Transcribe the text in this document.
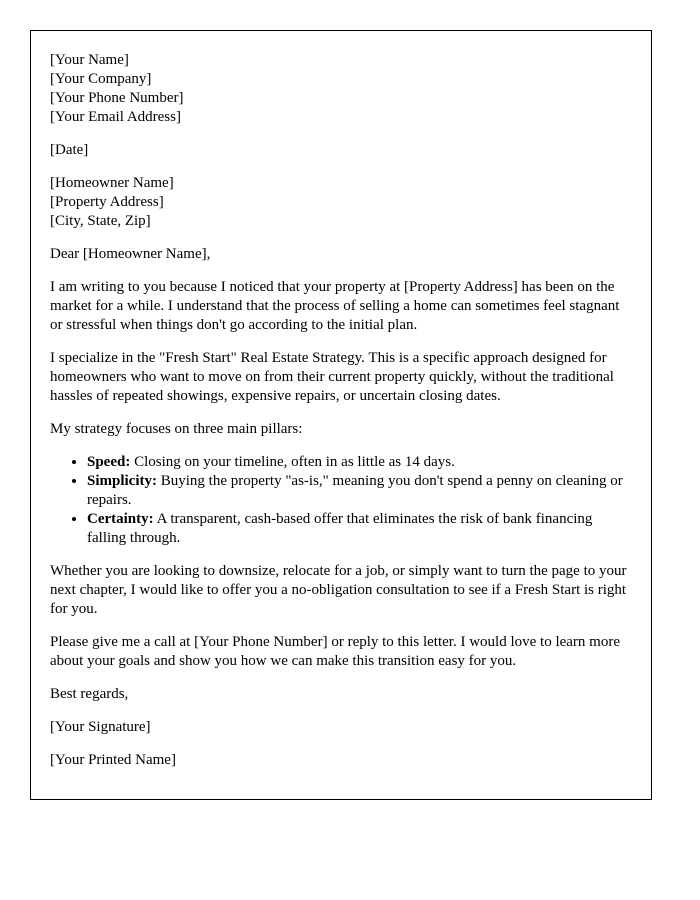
[Your Name]
[Your Company]
[Your Phone Number]
[Your Email Address]
[Date]
[Homeowner Name]
[Property Address]
[City, State, Zip]

Dear [Homeowner Name],

I am writing to you because I noticed that your property at [Property Address] has been on the market for a while. I understand that the process of selling a home can sometimes feel stagnant or stressful when things don't go according to the initial plan.

I specialize in the "Fresh Start" Real Estate Strategy. This is a specific approach designed for homeowners who want to move on from their current property quickly, without the traditional hassles of repeated showings, expensive repairs, or uncertain closing dates.

My strategy focuses on three main pillars:

• Speed: Closing on your timeline, often in as little as 14 days.
• Simplicity: Buying the property "as-is," meaning you don't spend a penny on cleaning or repairs.
• Certainty: A transparent, cash-based offer that eliminates the risk of bank financing falling through.

Whether you are looking to downsize, relocate for a job, or simply want to turn the page to your next chapter, I would like to offer you a no-obligation consultation to see if a Fresh Start is right for you.

Please give me a call at [Your Phone Number] or reply to this letter. I would love to learn more about your goals and show you how we can make this transition easy for you.

Best regards,

[Your Signature]

[Your Printed Name]
